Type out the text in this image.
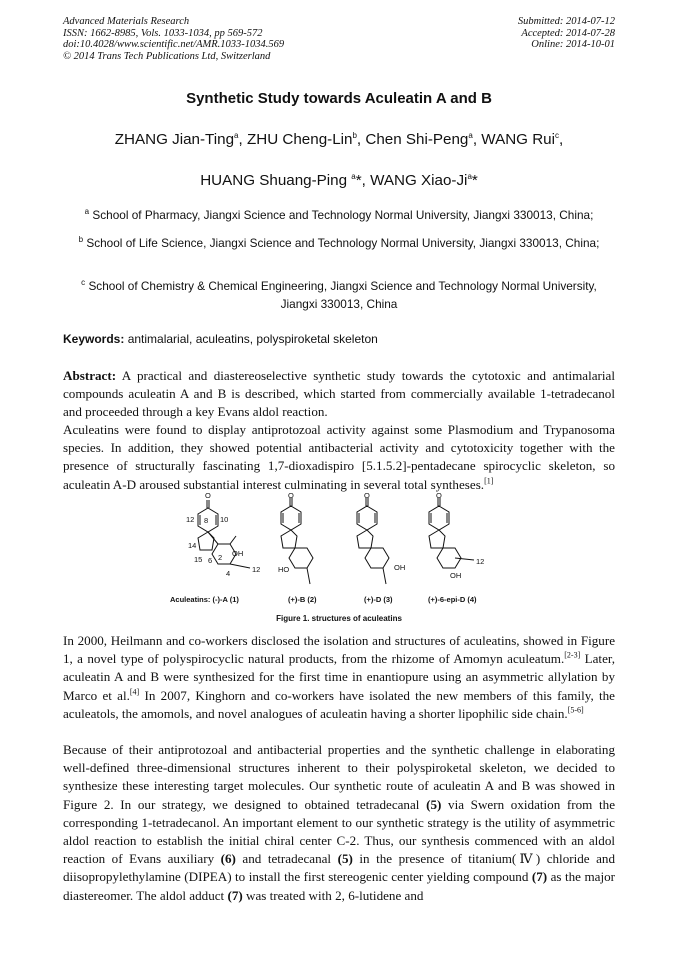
Advanced Materials Research
ISSN: 1662-8985, Vols. 1033-1034, pp 569-572
doi:10.4028/www.scientific.net/AMR.1033-1034.569
© 2014 Trans Tech Publications Ltd, Switzerland
Submitted: 2014-07-12
Accepted: 2014-07-28
Online: 2014-10-01
Synthetic Study towards Aculeatin A and B
ZHANG Jian-Ting$^a$, ZHU Cheng-Lin$^b$, Chen Shi-Peng$^a$, WANG Rui$^c$,
HUANG Shuang-Ping $^a$*, WANG Xiao-Ji$^a$*
$^a$ School of Pharmacy, Jiangxi Science and Technology Normal University, Jiangxi 330013, China;
$^b$ School of Life Science, Jiangxi Science and Technology Normal University, Jiangxi 330013, China;
$^c$ School of Chemistry & Chemical Engineering, Jiangxi Science and Technology Normal University, Jiangxi 330013, China
Keywords: antimalarial, aculeatins, polyspiroketal skeleton

Abstract: A practical and diastereoselective synthetic study towards the cytotoxic and antimalarial compounds aculeatin A and B is described, which started from commercially available 1-tetradecanol and proceeded through a key Evans aldol reaction.

Aculeatins were found to display antiprotozoal activity against some Plasmodium and Trypanosoma species. In addition, they showed potential antibacterial activity and cytotoxicity together with the presence of structurally fascinating 1,7-dioxadispiro [5.1.5.2]-pentadecane spirocyclic skeleton, so aculeatin A-D aroused substantial interest culminating in several total syntheses.[1]

O
12 8 10
14
15 6 2
4
OH
12
O
HO
O
OH
O
OH
12
Aculeatins: (-)-A (1)	(+)-B (2)	(+)-D (3)	(+)-6-epi-D (4)
Figure 1. structures of aculeatins

In 2000, Heilmann and co-workers disclosed the isolation and structures of aculeatins, showed in Figure 1, a novel type of polyspirocyclic natural products, from the rhizome of Amomyn aculeatum.[2-3] Later, aculeatin A and B were synthesized for the first time in enantiopure using an asymmetric allylation by Marco et al.[4] In 2007, Kinghorn and co-workers have isolated the new members of this family, the aculeatols, the amomols, and novel analogues of aculeatin having a shorter lipophilic side chain.[5-6]

Because of their antiprotozoal and antibacterial properties and the synthetic challenge in elaborating well-defined three-dimensional structures inherent to their polyspiroketal skeleton, we decided to synthesize these interesting target molecules. Our synthetic route of aculeatin A and B was showed in Figure 2. In our strategy, we designed to obtained tetradecanal (5) via Swern oxidation from the corresponding 1-tetradecanol. An important element to our synthetic strategy is the utility of asymmetric aldol reaction to establish the initial chiral center C-2. Thus, our synthesis commenced with an aldol reaction of Evans auxiliary (6) and tetradecanal (5) in the presence of titanium(Ⅳ) chloride and diisopropylethylamine (DIPEA) to install the first stereogenic center yielding compound (7) as the major diastereomer. The aldol adduct (7) was treated with 2, 6-lutidene and
